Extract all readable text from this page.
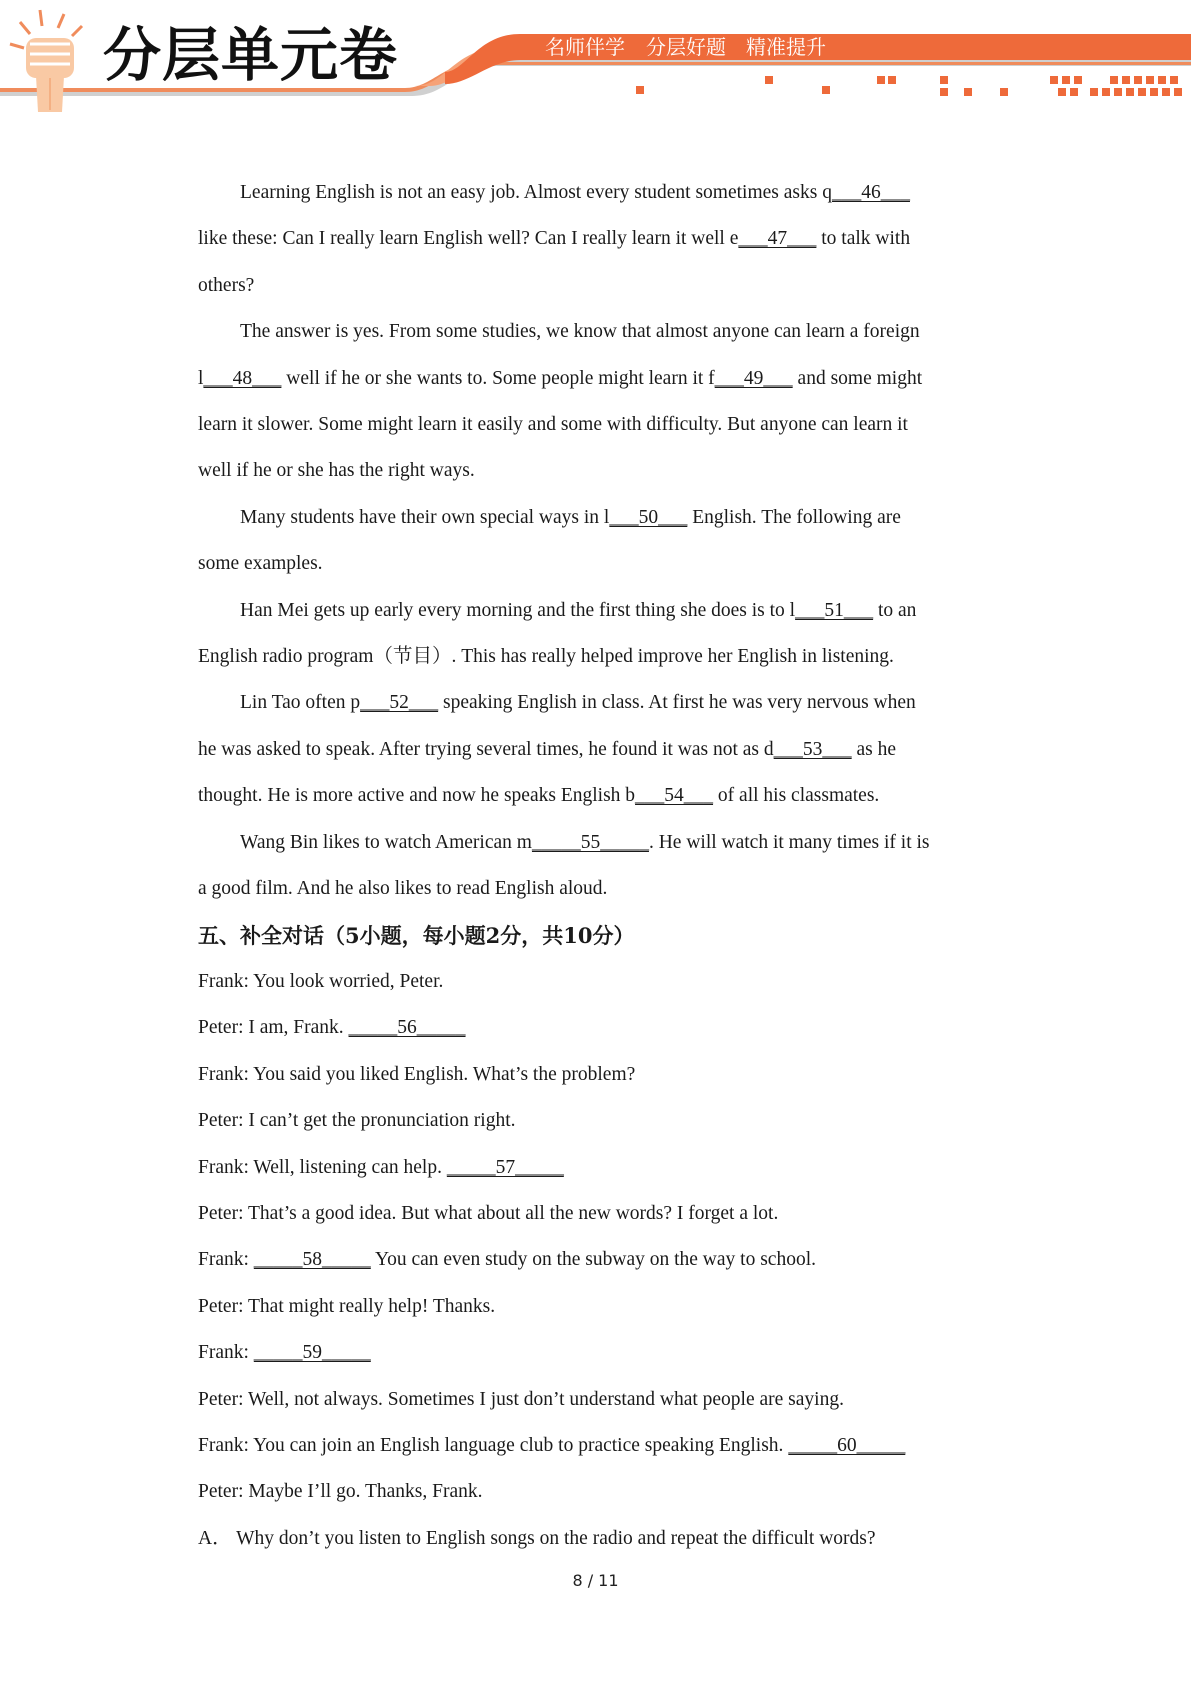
分层单元卷	名师伴学 分层好题 精准提升
Learning English is not an easy job. Almost every student sometimes asks q___46___
like these: Can I really learn English well? Can I really learn it well e___47___ to talk with
others?
The answer is yes. From some studies, we know that almost anyone can learn a foreign
l___48___ well if he or she wants to. Some people might learn it f___49___ and some might
learn it slower. Some might learn it easily and some with difficulty. But anyone can learn it
well if he or she has the right ways.
Many students have their own special ways in l___50___ English. The following are
some examples.
Han Mei gets up early every morning and the first thing she does is to l___51___ to an
English radio program（节目）. This has really helped improve her English in listening.
Lin Tao often p___52___ speaking English in class. At first he was very nervous when
he was asked to speak. After trying several times, he found it was not as d___53___ as he
thought. He is more active and now he speaks English b___54___ of all his classmates.
Wang Bin likes to watch American m_____55_____. He will watch it many times if it is
a good film. And he also likes to read English aloud.
五、补全对话（5小题，每小题2分，共10分）
Frank: You look worried, Peter.
Peter: I am, Frank. _____56_____
Frank: You said you liked English. What’s the problem?
Peter: I can’t get the pronunciation right.
Frank: Well, listening can help. _____57_____
Peter: That’s a good idea. But what about all the new words? I forget a lot.
Frank: _____58_____ You can even study on the subway on the way to school.
Peter: That might really help! Thanks.
Frank: _____59_____
Peter: Well, not always. Sometimes I just don’t understand what people are saying.
Frank: You can join an English language club to practice speaking English. _____60_____
Peter: Maybe I’ll go. Thanks, Frank.
A． Why don’t you listen to English songs on the radio and repeat the difficult words?
8 / 11
